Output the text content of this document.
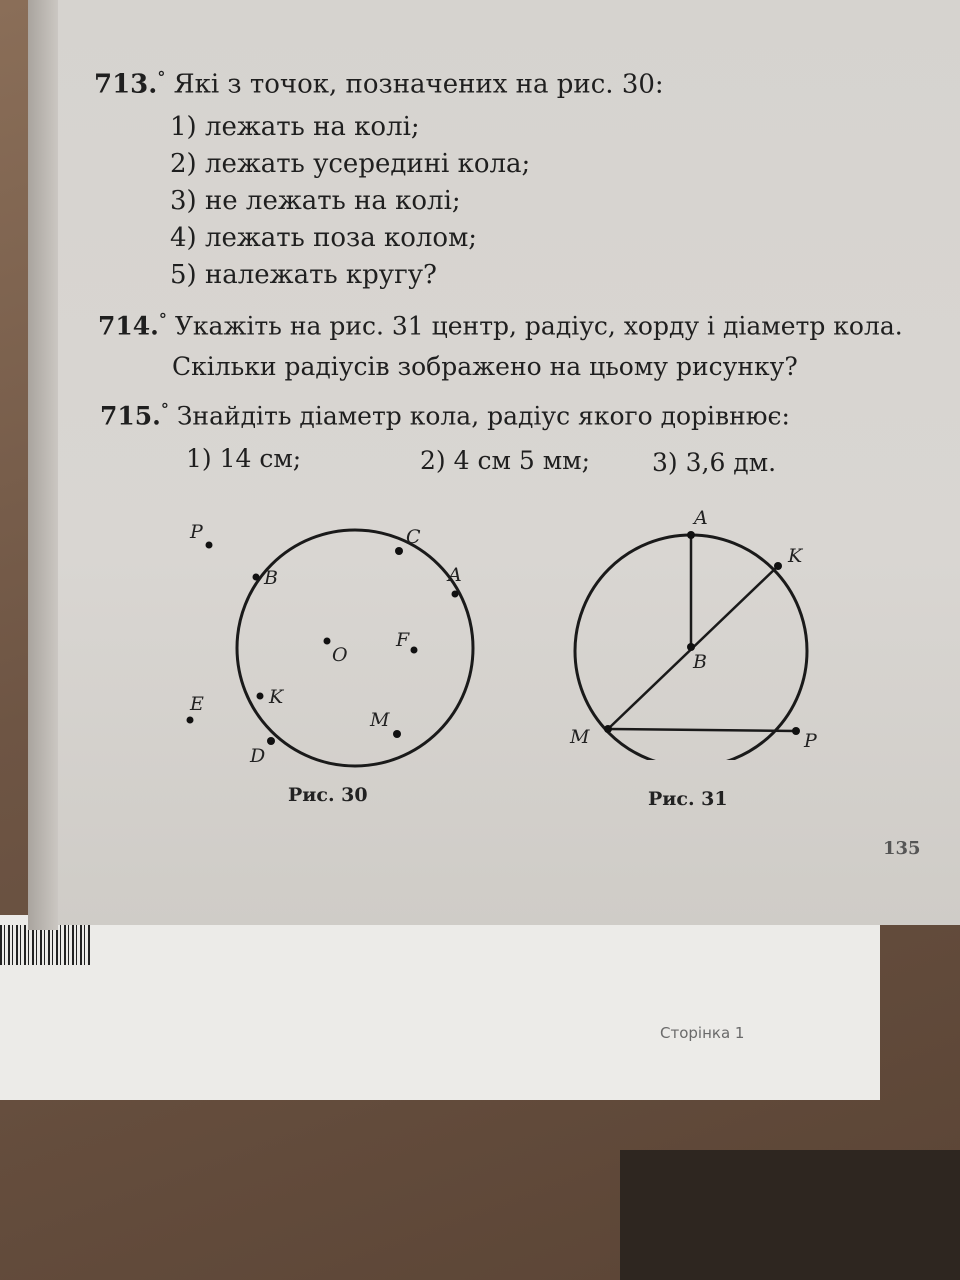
Сторінка 1
713.° Які з точок, позначених на рис. 30:
1) лежать на колі;
2) лежать усередині кола;
3) не лежать на колі;
4) лежать поза колом;
5) належать кругу?
714.° Укажіть на рис. 31 центр, радіус, хорду і діаметр кола.
Скільки радіусів зображено на цьому рисунку?
715.° Знайдіть діаметр кола, радіус якого дорівнює:
1) 14 см;	2) 4 см 5 мм; 3) 3,6 дм.
P
B
C
A
O
F
E	K
M
D
Рис. 30
A
K
B
M	P
Рис. 31
135
